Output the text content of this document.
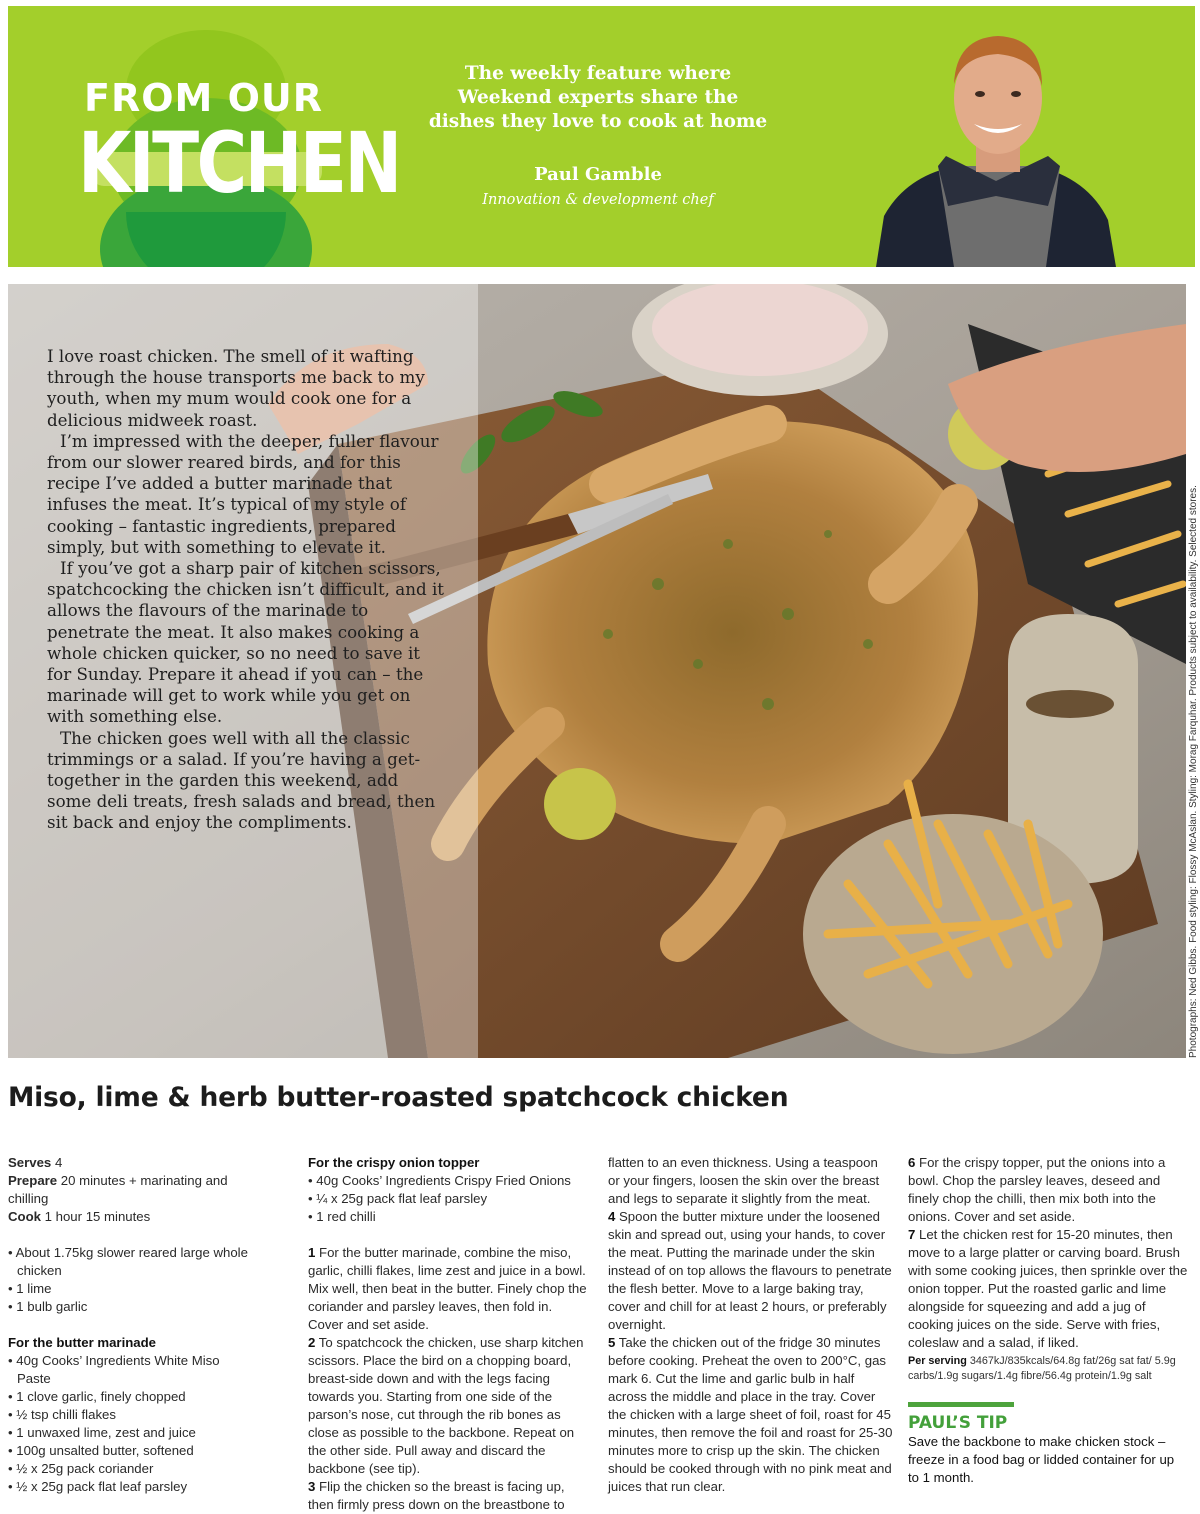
FROM OUR
KITCHEN

The weekly feature where

Weekend experts share the

dishes they love to cook at home

Paul Gamble
Innovation & development chef

I love roast chicken. The smell of it wafting through the house transports me back to my youth, when my mum would cook one for a delicious midweek roast.

I’m impressed with the deeper, fuller flavour from our slower reared birds, and for this recipe I’ve added a butter marinade that infuses the meat. It’s typical of my style of cooking – fantastic ingredients, prepared simply, but with something to elevate it.

If you’ve got a sharp pair of kitchen scissors, spatchcocking the chicken isn’t difficult, and it allows the flavours of the marinade to penetrate the meat. It also makes cooking a whole chicken quicker, so no need to save it for Sunday. Prepare it ahead if you can – the marinade will get to work while you get on with something else.

The chicken goes well with all the classic trimmings or a salad. If you’re having a get-together in the garden this weekend, add some deli treats, fresh salads and bread, then sit back and enjoy the compliments.	Photographs: Ned Gibbs. Food styling: Flossy McAslan. Styling: Morag Farquhar. Products subject to availability. Selected stores.
Miso, lime & herb butter-roasted spatchcock chicken

Serves 4

Prepare 20 minutes + marinating and chilling

Cook 1 hour 15 minutes

• About 1.75kg slower reared large whole chicken
• 1 lime
• 1 bulb garlic

For the butter marinade

• 40g Cooks’ Ingredients White Miso Paste
• 1 clove garlic, finely chopped
• ½ tsp chilli flakes
• 1 unwaxed lime, zest and juice
• 100g unsalted butter, softened
• ½ x 25g pack coriander
• ½ x 25g pack flat leaf parsley

For the crispy onion topper

• 40g Cooks’ Ingredients Crispy Fried Onions
• ¼ x 25g pack flat leaf parsley
• 1 red chilli

1 For the butter marinade, combine the miso, garlic, chilli flakes, lime zest and juice in a bowl. Mix well, then beat in the butter. Finely chop the coriander and parsley leaves, then fold in. Cover and set aside.

2 To spatchcock the chicken, use sharp kitchen scissors. Place the bird on a chopping board, breast-side down and with the legs facing towards you. Starting from one side of the parson’s nose, cut through the rib bones as close as possible to the backbone. Repeat on the other side. Pull away and discard the backbone (see tip).

3 Flip the chicken so the breast is facing up, then firmly press down on the breastbone to

flatten to an even thickness. Using a teaspoon or your fingers, loosen the skin over the breast and legs to separate it slightly from the meat.

4 Spoon the butter mixture under the loosened skin and spread out, using your hands, to cover the meat. Putting the marinade under the skin instead of on top allows the flavours to penetrate the flesh better. Move to a large baking tray, cover and chill for at least 2 hours, or preferably overnight.

5 Take the chicken out of the fridge 30 minutes before cooking. Preheat the oven to 200°C, gas mark 6. Cut the lime and garlic bulb in half across the middle and place in the tray. Cover the chicken with a large sheet of foil, roast for 45 minutes, then remove the foil and roast for 25-30 minutes more to crisp up the skin. The chicken should be cooked through with no pink meat and juices that run clear.

6 For the crispy topper, put the onions into a bowl. Chop the parsley leaves, deseed and finely chop the chilli, then mix both into the onions. Cover and set aside.

7 Let the chicken rest for 15-20 minutes, then move to a large platter or carving board. Brush with some cooking juices, then sprinkle over the onion topper. Put the roasted garlic and lime alongside for squeezing and add a jug of cooking juices on the side. Serve with fries, coleslaw and a salad, if liked.

Per serving 3467kJ/835kcals/64.8g fat/26g sat fat/ 5.9g carbs/1.9g sugars/1.4g fibre/56.4g protein/1.9g salt

PAUL’S TIP

Save the backbone to make chicken stock – freeze in a food bag or lidded container for up to 1 month.
